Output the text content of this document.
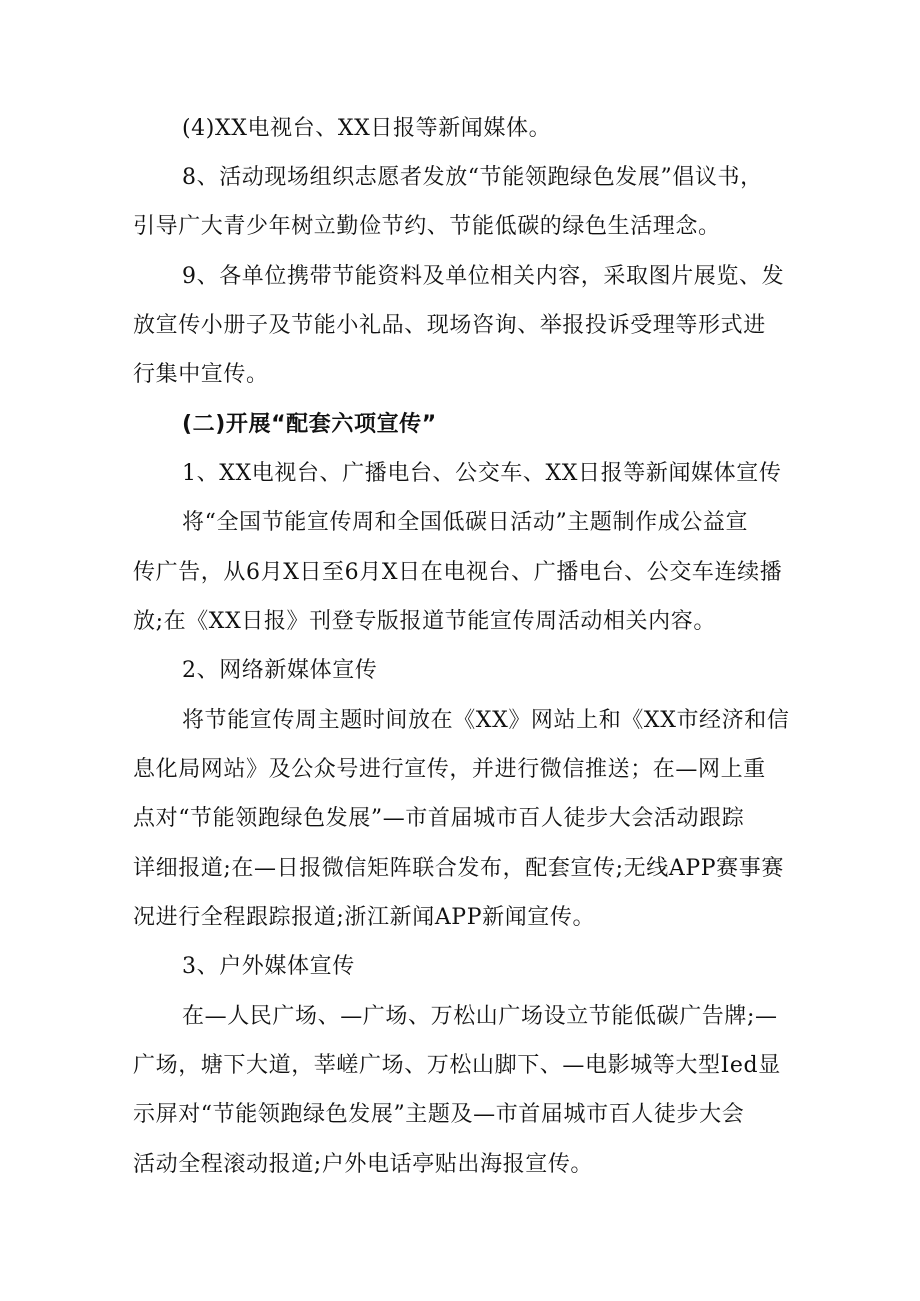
(4)XX电视台、XX日报等新闻媒体。
8、活动现场组织志愿者发放“节能领跑绿色发展”倡议书，
引导广大青少年树立勤俭节约、节能低碳的绿色生活理念。
9、各单位携带节能资料及单位相关内容，采取图片展览、发
放宣传小册子及节能小礼品、现场咨询、举报投诉受理等形式进
行集中宣传。
(二)开展“配套六项宣传”
1、XX电视台、广播电台、公交车、XX日报等新闻媒体宣传
将“全国节能宣传周和全国低碳日活动”主题制作成公益宣
传广告，从6月X日至6月X日在电视台、广播电台、公交车连续播
放;在《XX日报》刊登专版报道节能宣传周活动相关内容。
2、网络新媒体宣传
将节能宣传周主题时间放在《XX》网站上和《XX市经济和信
息化局网站》及公众号进行宣传，并进行微信推送；在—网上重
点对“节能领跑绿色发展”—市首届城市百人徒步大会活动跟踪
详细报道;在—日报微信矩阵联合发布，配套宣传;无线APP赛事赛
况进行全程跟踪报道;浙江新闻APP新闻宣传。
3、户外媒体宣传
在—人民广场、—广场、万松山广场设立节能低碳广告牌;—
广场，塘下大道，莘嵯广场、万松山脚下、—电影城等大型Ied显
示屏对“节能领跑绿色发展”主题及—市首届城市百人徒步大会
活动全程滚动报道;户外电话亭贴出海报宣传。
